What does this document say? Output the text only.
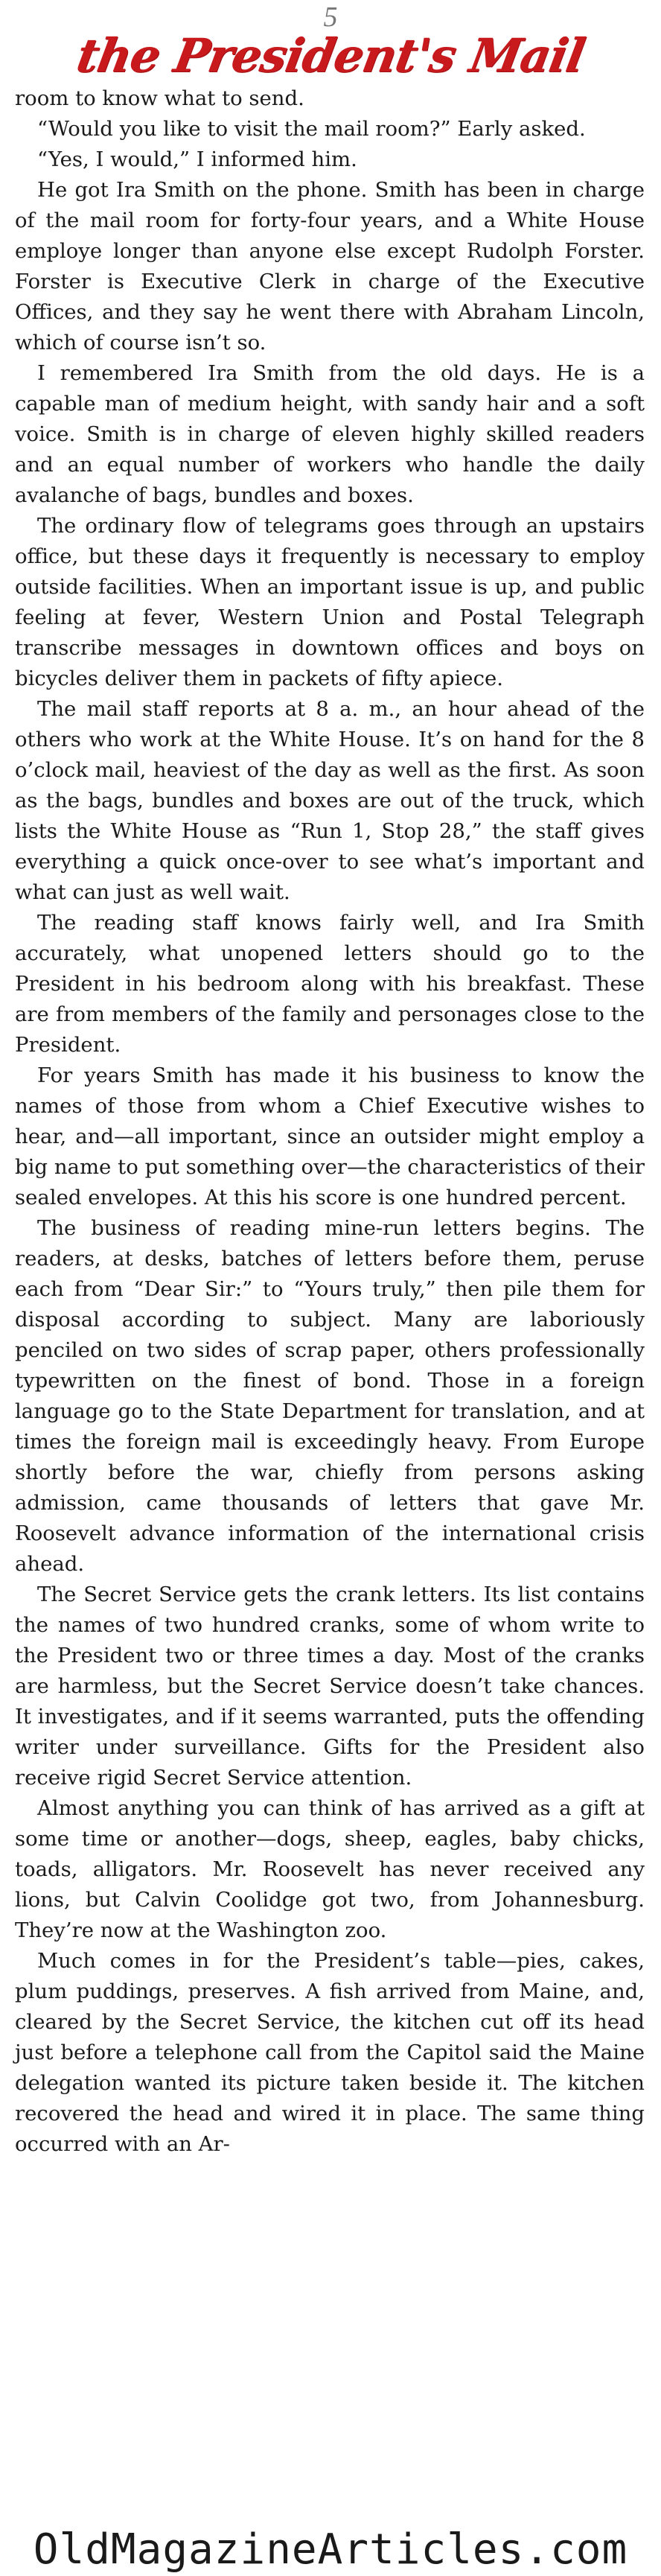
5
the President's Mail

room to know what to send.

“Would you like to visit the mail room?” Early asked.

“Yes, I would,” I informed him.

He got Ira Smith on the phone. Smith has been in charge of the mail room for forty-four years, and a White House employe longer than anyone else except Rudolph Forster. Forster is Executive Clerk in charge of the Executive Offices, and they say he went there with Abraham Lincoln, which of course isn’t so.

I remembered Ira Smith from the old days. He is a capable man of medium height, with sandy hair and a soft voice. Smith is in charge of eleven highly skilled readers and an equal number of workers who handle the daily avalanche of bags, bundles and boxes.

The ordinary flow of telegrams goes through an upstairs office, but these days it frequently is necessary to employ outside facilities. When an important issue is up, and public feeling at fever, Western Union and Postal Telegraph transcribe messages in downtown offices and boys on bicycles deliver them in packets of fifty apiece.

The mail staff reports at 8 a. m., an hour ahead of the others who work at the White House. It’s on hand for the 8 o’clock mail, heaviest of the day as well as the first. As soon as the bags, bundles and boxes are out of the truck, which lists the White House as “Run 1, Stop 28,” the staff gives everything a quick once-over to see what’s important and what can just as well wait.

The reading staff knows fairly well, and Ira Smith accurately, what unopened letters should go to the President in his bedroom along with his breakfast. These are from members of the family and personages close to the President.

For years Smith has made it his business to know the names of those from whom a Chief Executive wishes to hear, and—all important, since an outsider might employ a big name to put something over—the characteristics of their sealed envelopes. At this his score is one hundred percent.

The business of reading mine-run letters begins. The readers, at desks, batches of letters before them, peruse each from “Dear Sir:” to “Yours truly,” then pile them for disposal according to subject. Many are laboriously penciled on two sides of scrap paper, others professionally typewritten on the finest of bond. Those in a foreign language go to the State Department for translation, and at times the foreign mail is exceedingly heavy. From Europe shortly before the war, chiefly from persons asking admission, came thousands of letters that gave Mr. Roosevelt advance information of the international crisis ahead.

The Secret Service gets the crank letters. Its list contains the names of two hundred cranks, some of whom write to the President two or three times a day. Most of the cranks are harmless, but the Secret Service doesn’t take chances. It investigates, and if it seems warranted, puts the offending writer under surveillance. Gifts for the President also receive rigid Secret Service attention.

Almost anything you can think of has arrived as a gift at some time or another—dogs, sheep, eagles, baby chicks, toads, alligators. Mr. Roosevelt has never received any lions, but Calvin Coolidge got two, from Johannesburg. They’re now at the Washington zoo.

Much comes in for the President’s table—pies, cakes, plum puddings, preserves. A fish arrived from Maine, and, cleared by the Secret Service, the kitchen cut off its head just before a telephone call from the Capitol said the Maine delegation wanted its picture taken beside it. The kitchen recovered the head and wired it in place. The same thing occurred with an Ar-

OldMagazineArticles.com
